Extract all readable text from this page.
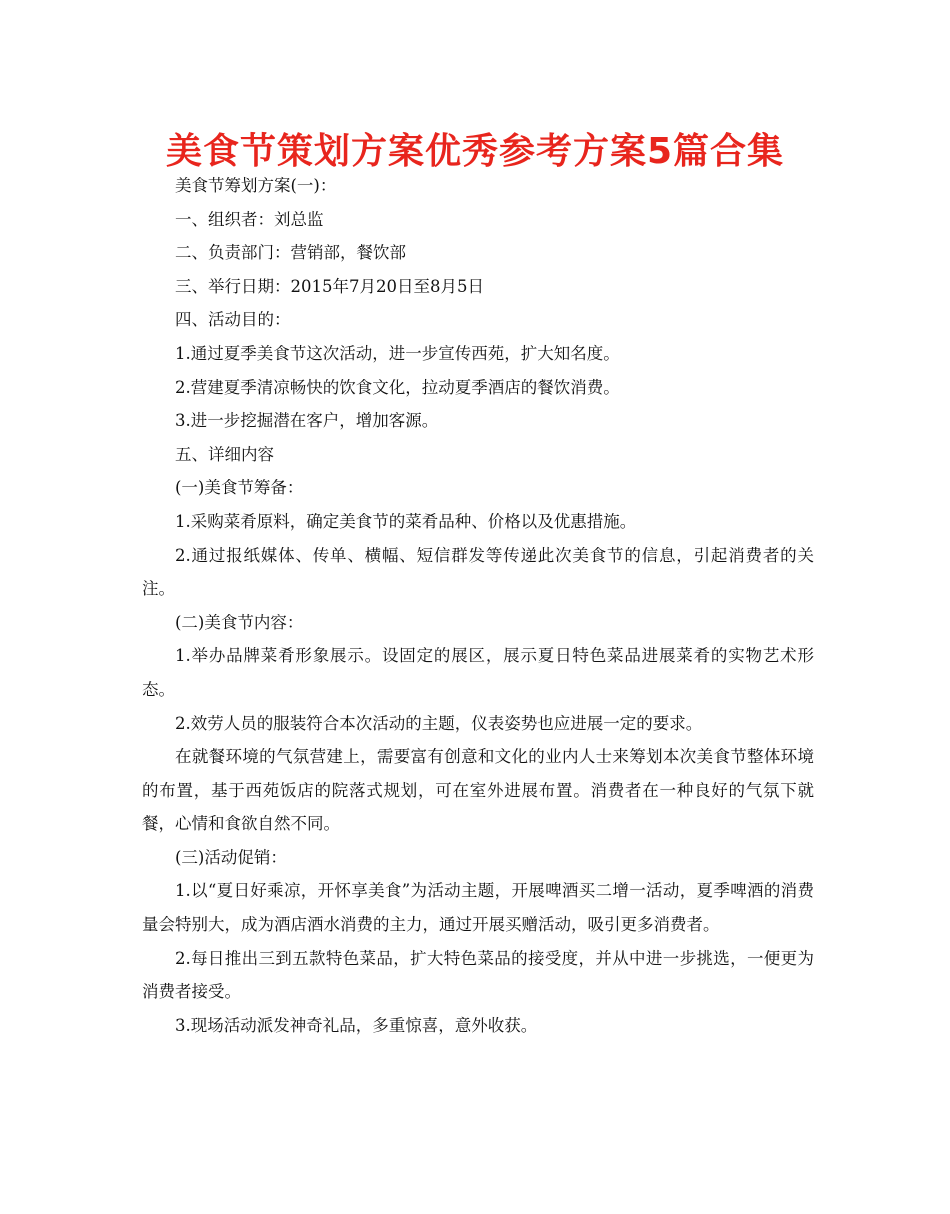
美食节策划方案优秀参考方案5篇合集

美食节筹划方案(一)：

一、组织者：刘总监

二、负责部门：营销部，餐饮部

三、举行日期：2015年7月20日至8月5日

四、活动目的：

1.通过夏季美食节这次活动，进一步宣传西苑，扩大知名度。

2.营建夏季清凉畅快的饮食文化，拉动夏季酒店的餐饮消费。

3.进一步挖掘潜在客户，增加客源。

五、详细内容

(一)美食节筹备：

1.采购菜肴原料，确定美食节的菜肴品种、价格以及优惠措施。

2.通过报纸媒体、传单、横幅、短信群发等传递此次美食节的信息，引起消费者的关注。

(二)美食节内容：

1.举办品牌菜肴形象展示。设固定的展区，展示夏日特色菜品进展菜肴的实物艺术形态。

2.效劳人员的服装符合本次活动的主题，仪表姿势也应进展一定的要求。

在就餐环境的气氛营建上，需要富有创意和文化的业内人士来筹划本次美食节整体环境的布置，基于西苑饭店的院落式规划，可在室外进展布置。消费者在一种良好的气氛下就餐，心情和食欲自然不同。

(三)活动促销：

1.以“夏日好乘凉，开怀享美食”为活动主题，开展啤酒买二增一活动，夏季啤酒的消费量会特别大，成为酒店酒水消费的主力，通过开展买赠活动，吸引更多消费者。

2.每日推出三到五款特色菜品，扩大特色菜品的接受度，并从中进一步挑选，一便更为消费者接受。

3.现场活动派发神奇礼品，多重惊喜，意外收获。
